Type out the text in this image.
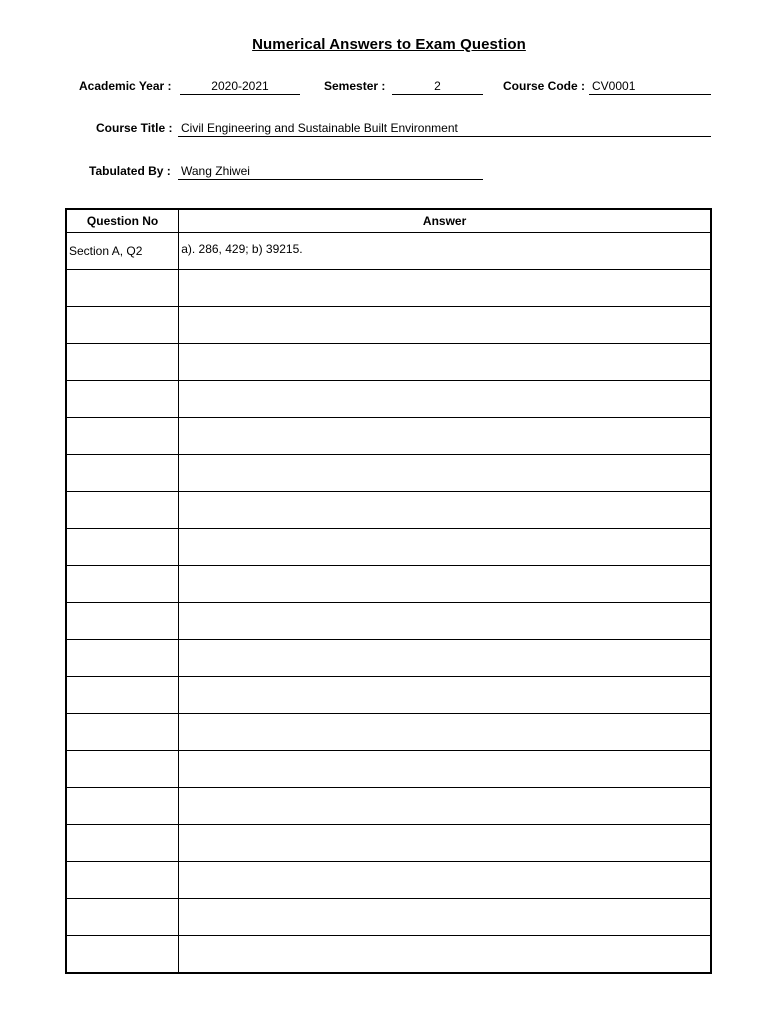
Numerical Answers to Exam Question
Academic Year :	2020-2021	Semester :	2	Course Code : CV0001
Course Title : Civil Engineering and Sustainable Built Environment
Tabulated By : Wang Zhiwei
Question No	Answer
Section A, Q2	a). 286, 429; b) 39215.
